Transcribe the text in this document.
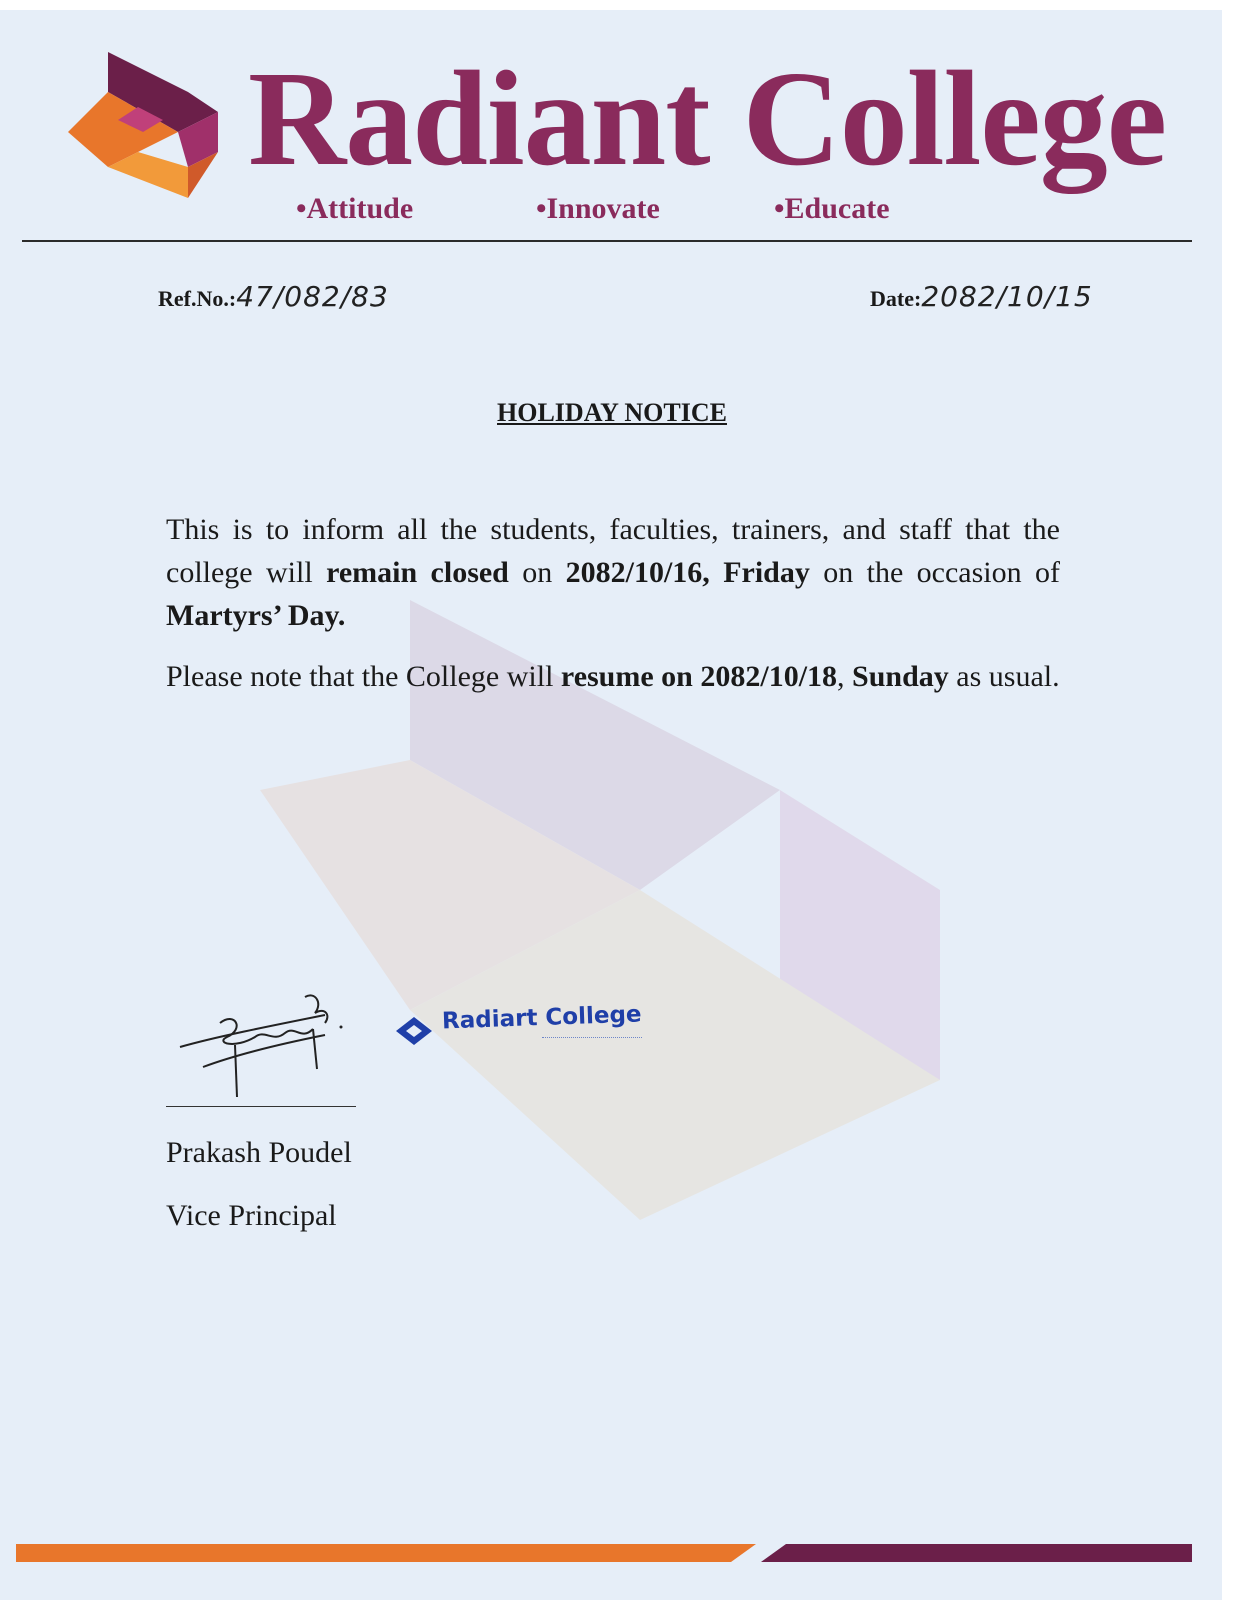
Radiant College
•Attitude	•Innovate	•Educate
Ref.No.:47/082/83	Date:2082/10/15
HOLIDAY NOTICE

This is to inform all the students, faculties, trainers, and staff that the college will remain closed on 2082/10/16, Friday on the occasion of Martyrs’ Day.

Please note that the College will resume on 2082/10/18, Sunday as usual.

Radiart College

Prakash Poudel

Vice Principal
